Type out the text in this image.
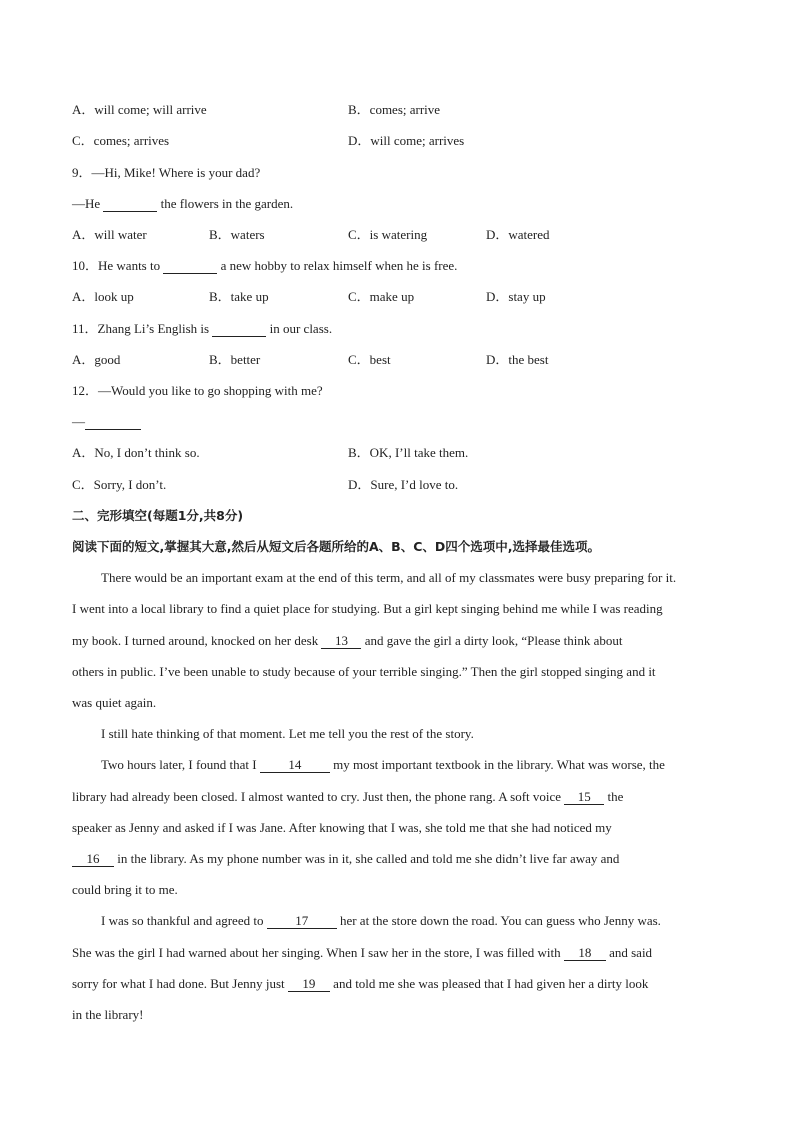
A．will come; will arrive	B．comes; arrive
C．comes; arrives	D．will come; arrives
9．—Hi, Mike! Where is your dad?
—He	the flowers in the garden.
A．will water	B．waters	C．is watering	D．watered
10．He wants to	a new hobby to relax himself when he is free.
A．look up	B．take up	C．make up	D．stay up
11．Zhang Li’s English is	in our class.
A．good	B．better	C．best	D．the best
12．—Would you like to go shopping with me?
—
A．No, I don’t think so.	B．OK, I’ll take them.
C．Sorry, I don’t.	D．Sure, I’d love to.
二、完形填空(每题1分,共8分)
阅读下面的短文,掌握其大意,然后从短文后各题所给的A、B、C、D四个选项中,选择最佳选项。
There would be an important exam at the end of this term, and all of my classmates were busy preparing for it.
I went into a local library to find a quiet place for studying. But a girl kept singing behind me while I was reading
my book. I turned around, knocked on her desk 13 and gave the girl a dirty look, “Please think about
others in public. I’ve been unable to study because of your terrible singing.” Then the girl stopped singing and it
was quiet again.
I still hate thinking of that moment. Let me tell you the rest of the story.
Two hours later, I found that I 14 my most important textbook in the library. What was worse, the
library had already been closed. I almost wanted to cry. Just then, the phone rang. A soft voice 15 the
speaker as Jenny and asked if I was Jane. After knowing that I was, she told me that she had noticed my
16 in the library. As my phone number was in it, she called and told me she didn’t live far away and
could bring it to me.
I was so thankful and agreed to 17 her at the store down the road. You can guess who Jenny was.
She was the girl I had warned about her singing. When I saw her in the store, I was filled with 18 and said
sorry for what I had done. But Jenny just 19 and told me she was pleased that I had given her a dirty look
in the library!
